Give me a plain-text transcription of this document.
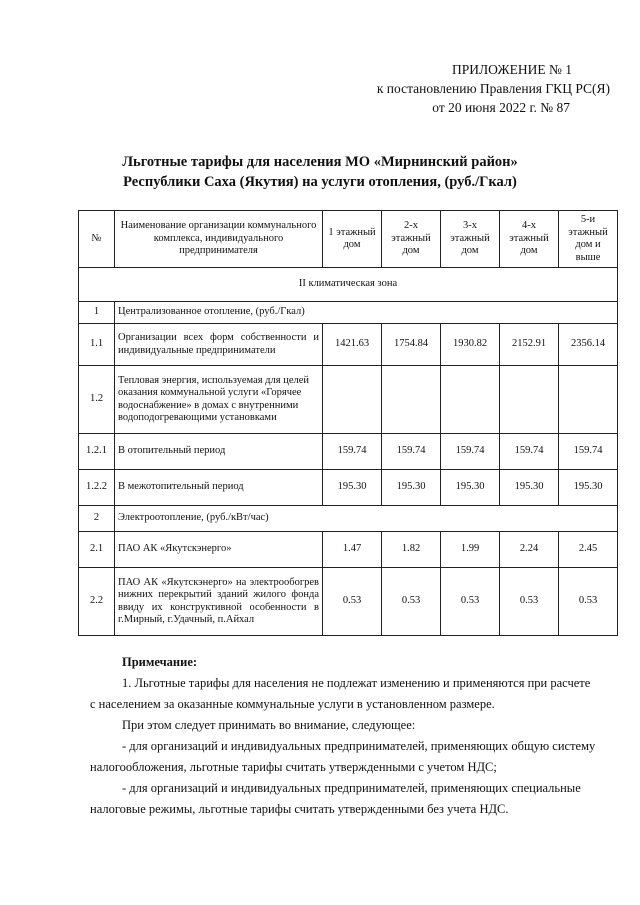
ПРИЛОЖЕНИЕ № 1
к постановлению Правления ГКЦ РС(Я)
от 20 июня 2022 г. № 87
Льготные тарифы для населения МО «Мирнинский район»
Республики Саха (Якутия) на услуги отопления, (руб./Гкал)
№	Наименование организации коммунального комплекса, индивидуального предпринимателя	1 этажный дом	2-х этажный дом	3-х этажный дом	4-х этажный дом	5-и этажный дом и выше
II климатическая зона						
1	Централизованное отопление, (руб./Гкал)					
1.1	Организации всех форм собственности и индивидуальные предприниматели	1421.63	1754.84	1930.82	2152.91	2356.14
1.2	Тепловая энергия, используемая для целей оказания коммунальной услуги «Горячее водоснабжение» в домах с внутренними водоподогревающими установками					
1.2.1	В отопительный период	159.74	159.74	159.74	159.74	159.74
1.2.2	В межотопительный период	195.30	195.30	195.30	195.30	195.30
2	Электроотопление, (руб./кВт/час)					
2.1	ПАО АК «Якутскэнерго»	1.47	1.82	1.99	2.24	2.45
2.2	ПАО АК «Якутскэнерго» на электрообогрев нижних перекрытий зданий жилого фонда ввиду их конструктивной особенности в г.Мирный, г.Удачный, п.Айхал	0.53	0.53	0.53	0.53	0.53
Примечание:

1. Льготные тарифы для населения не подлежат изменению и применяются при расчете

с населением за оказанные коммунальные услуги в установленном размере.

При этом следует принимать во внимание, следующее:

- для организаций и индивидуальных предпринимателей, применяющих общую систему

налогообложения, льготные тарифы считать утвержденными с учетом НДС;

- для организаций и индивидуальных предпринимателей, применяющих специальные

налоговые режимы, льготные тарифы считать утвержденными без учета НДС.
